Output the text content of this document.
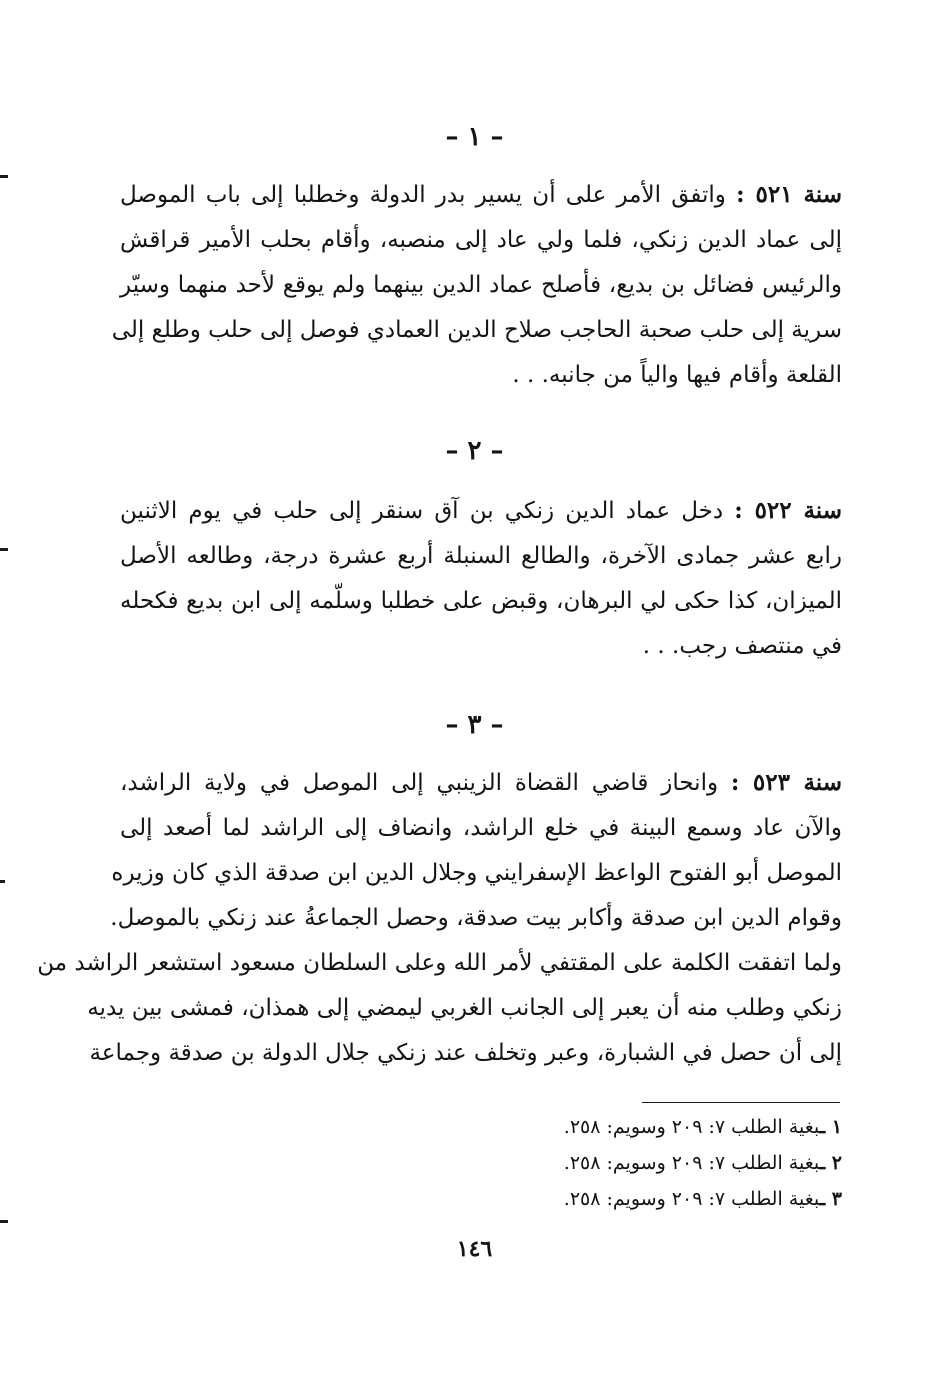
– ١ –
سنة ٥٢١ : واتفق الأمر على أن يسير بدر الدولة وخطلبا إلى باب الموصل
إلى عماد الدين زنكي، فلما ولي عاد إلى منصبه، وأقام بحلب الأمير قراقش
والرئيس فضائل بن بديع، فأصلح عماد الدين بينهما ولم يوقع لأحد منهما وسيّر
سرية إلى حلب صحبة الحاجب صلاح الدين العمادي فوصل إلى حلب وطلع إلى
القلعة وأقام فيها والياً من جانبه. . .
– ٢ –
سنة ٥٢٢ : دخل عماد الدين زنكي بن آق سنقر إلى حلب في يوم الاثنين
رابع عشر جمادى الآخرة، والطالع السنبلة أربع عشرة درجة، وطالعه الأصل
الميزان، كذا حكى لي البرهان، وقبض على خطلبا وسلّمه إلى ابن بديع فكحله
في منتصف رجب. . .
– ٣ –
سنة ٥٢٣ : وانحاز قاضي القضاة الزينبي إلى الموصل في ولاية الراشد،
والآن عاد وسمع البينة في خلع الراشد، وانضاف إلى الراشد لما أصعد إلى
الموصل أبو الفتوح الواعظ الإسفرايني وجلال الدين ابن صدقة الذي كان وزيره
وقوام الدين ابن صدقة وأكابر بيت صدقة، وحصل الجماعةُ عند زنكي بالموصل.
ولما اتفقت الكلمة على المقتفي لأمر الله وعلى السلطان مسعود استشعر الراشد من
زنكي وطلب منه أن يعبر إلى الجانب الغربي ليمضي إلى همذان، فمشى بين يديه
إلى أن حصل في الشبارة، وعبر وتخلف عند زنكي جلال الدولة بن صدقة وجماعة
١ ـبغية الطلب ٧: ٢٠٩ وسويم: ٢٥٨.
٢ ـبغية الطلب ٧: ٢٠٩ وسويم: ٢٥٨.
٣ ـبغية الطلب ٧: ٢٠٩ وسويم: ٢٥٨.
١٤٦
